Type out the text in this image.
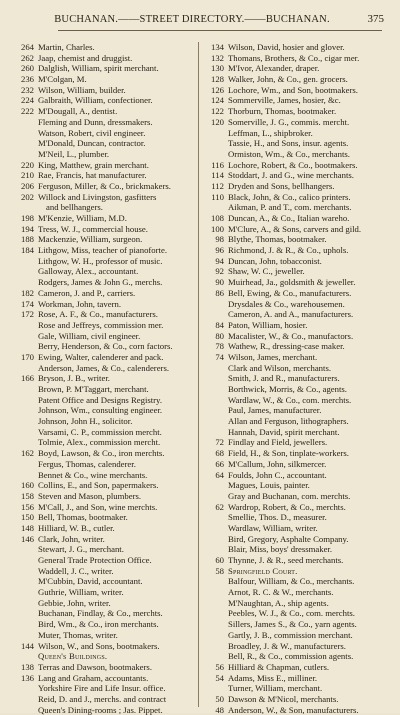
BUCHANAN.——STREET DIRECTORY.——BUCHANAN.	375
264 Martin, Charles.
262 Jaap, chemist and druggist.
260 Dalglish, William, spirit merchant.
236 M'Colgan, M.
232 Wilson, William, builder.
224 Galbraith, William, confectioner.
222 M'Dougall, A., dentist.
Fleming and Dunn, dressmakers.
Watson, Robert, civil engineer.
M'Donald, Duncan, contractor.
M'Neil, L., plumber.
220 King, Matthew, grain merchant.
210 Rae, Francis, hat manufacturer.
206 Ferguson, Miller, & Co., brickmakers.
202 Willock and Livingston, gasfitters
and bellhangers.
198 M'Kenzie, William, M.D.
194 Tress, W. J., commercial house.
188 Mackenzie, William, surgeon.
184 Lithgow, Miss, teacher of pianoforte.
Lithgow, W. H., professor of music.
Galloway, Alex., accountant.
Rodgers, James & John G., merchs.
182 Cameron, J. and P., carriers.
174 Workman, John, tavern.
172 Rose, A. F., & Co., manufacturers.
Rose and Jeffreys, commission mer.
Gale, William, civil engineer.
Berry, Henderson, & Co., corn factors.
170 Ewing, Walter, calenderer and pack.
Anderson, James, & Co., calenderers.
166 Bryson, J. B., writer.
Brown, P. M'Taggart, merchant.
Patent Office and Designs Registry.
Johnson, Wm., consulting engineer.
Johnson, John H., solicitor.
Varsami, C. P., commission mercht.
Tolmie, Alex., commission mercht.
162 Boyd, Lawson, & Co., iron merchts.
Fergus, Thomas, calenderer.
Bennet & Co., wine merchants.
160 Collins, E., and Son, papermakers.
158 Steven and Mason, plumbers.
156 M'Call, J., and Son, wine merchts.
150 Bell, Thomas, bootmaker.
148 Hilliard, W. B., cutler.
146 Clark, John, writer.
Stewart, J. G., merchant.
General Trade Protection Office.
Waddell, J. C., writer.
M'Cubbin, David, accountant.
Guthrie, William, writer.
Gebbie, John, writer.
Buchanan, Findlay, & Co., merchts.
Bird, Wm., & Co., iron merchants.
Muter, Thomas, writer.
144 Wilson, W., and Sons, bootmakers.
Queen's Buildings.
138 Terras and Dawson, bootmakers.
136 Lang and Graham, accountants.
Yorkshire Fire and Life Insur. office.
Reid, D. and J., merchs. and contract
Queen's Dining-rooms ; Jas. Pippet.
134 Wilson, David, hosier and glover.
132 Thomans, Brothers, & Co., cigar mer.
130 M'Ivor, Alexander, draper.
128 Walker, John, & Co., gen. grocers.
126 Lochore, Wm., and Son, bootmakers.
124 Sommerville, James, hosier, &c.
122 Thorburn, Thomas, bootmaker.
120 Somerville, J. G., commis. mercht.
Leffman, L., shipbroker.
Tassie, H., and Sons, insur. agents.
Ormiston, Wm., & Co., merchants.
116 Lochore, Robert, & Co., bootmakers.
114 Stoddart, J. and G., wine merchants.
112 Dryden and Sons, bellhangers.
110 Black, John, & Co., calico printers.
Aikman, P. and T., com. merchants.
108 Duncan, A., & Co., Italian wareho.
100 M'Clure, A., & Sons, carvers and gild.
98 Blythe, Thomas, bootmaker.
96 Richmond, J. & R., & Co., uphols.
94 Duncan, John, tobacconist.
92 Shaw, W. C., jeweller.
90 Muirhead, Ja., goldsmith & jeweller.
86 Bell, Ewing, & Co., manufacturers.
Drysdales & Co., warehousemen.
Cameron, A. and A., manufacturers.
84 Paton, William, hosier.
80 Macalister, W., & Co., manufactors.
78 Wathew, R., dressing-case maker.
74 Wilson, James, merchant.
Clark and Wilson, merchants.
Smith, J. and R., manufacturers.
Borthwick, Morris, & Co., agents.
Wardlaw, W., & Co., com. merchts.
Paul, James, manufacturer.
Allan and Ferguson, lithographers.
Hannah, David, spirit merchant.
72 Findlay and Field, jewellers.
68 Field, H., & Son, tinplate-workers.
66 M'Callum, John, silkmercer.
64 Foulds, John C., accountant.
Magues, Louis, painter.
Gray and Buchanan, com. merchts.
62 Wardrop, Robert, & Co., merchts.
Smellie, Thos. D., measurer.
Wardlaw, William, writer.
Bird, Gregory, Asphalte Company.
Blair, Miss, boys' dressmaker.
60 Thynne, J. & R., seed merchants.
58 Springfield Court.
Balfour, William, & Co., merchants.
Arnot, R. C. & W., merchants.
M'Naughtan, A., ship agents.
Peebles, W. J., & Co., com. merchts.
Sillers, James S., & Co., yarn agents.
Gartly, J. B., commission merchant.
Broadley, J. & W., manufacturers.
Bell, R., & Co., commission agents.
56 Hilliard & Chapman, cutlers.
54 Adams, Miss E., milliner.
Turner, William, merchant.
50 Dawson & M'Nicol, merchants.
48 Anderson, W., & Son, manufacturers.
